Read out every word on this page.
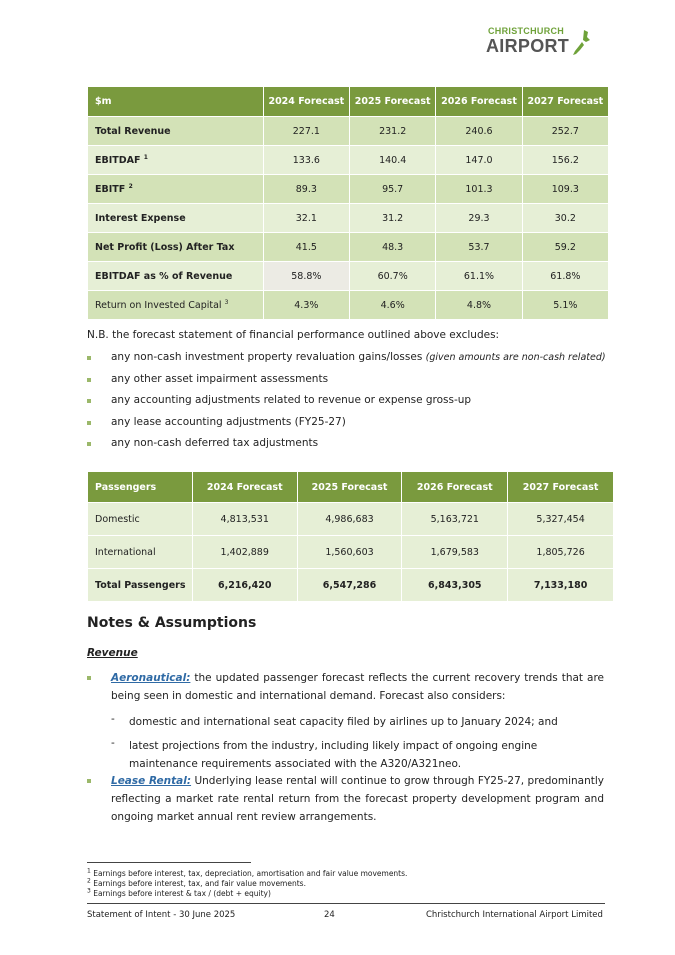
CHRISTCHURCH
AIRPORT
$m	2024 Forecast	2025 Forecast	2026 Forecast	2027 Forecast
Total Revenue	227.1	231.2	240.6	252.7
EBITDAF $^1$	133.6	140.4	147.0	156.2
EBITF $^2$	89.3	95.7	101.3	109.3
Interest Expense	32.1	31.2	29.3	30.2
Net Profit (Loss) After Tax	41.5	48.3	53.7	59.2
EBITDAF as % of Revenue	58.8%	60.7%	61.1%	61.8%
Return on Invested Capital $^3$	4.3%	4.6%	4.8%	5.1%
N.B. the forecast statement of financial performance outlined above excludes:
any non-cash investment property revaluation gains/losses (given amounts are non-cash related)
any other asset impairment assessments
any accounting adjustments related to revenue or expense gross-up
any lease accounting adjustments (FY25-27)
any non-cash deferred tax adjustments
Passengers	2024 Forecast	2025 Forecast	2026 Forecast	2027 Forecast
Domestic	4,813,531	4,986,683	5,163,721	5,327,454
International	1,402,889	1,560,603	1,679,583	1,805,726
Total Passengers	6,216,420	6,547,286	6,843,305	7,133,180
Notes & Assumptions
Revenue
Aeronautical: the updated passenger forecast reflects the current recovery trends that are being seen in domestic and international demand. Forecast also considers:
- domestic and international seat capacity filed by airlines up to January 2024; and
- latest projections from the industry, including likely impact of ongoing engine maintenance requirements associated with the A320/A321neo.
Lease Rental: Underlying lease rental will continue to grow through FY25-27, predominantly reflecting a market rate rental return from the forecast property development program and ongoing market annual rent review arrangements.
$^1$ Earnings before interest, tax, depreciation, amortisation and fair value movements.
$^2$ Earnings before interest, tax, and fair value movements.
$^3$ Earnings before interest & tax / (debt + equity)
Statement of Intent - 30 June 2025	24	Christchurch International Airport Limited
